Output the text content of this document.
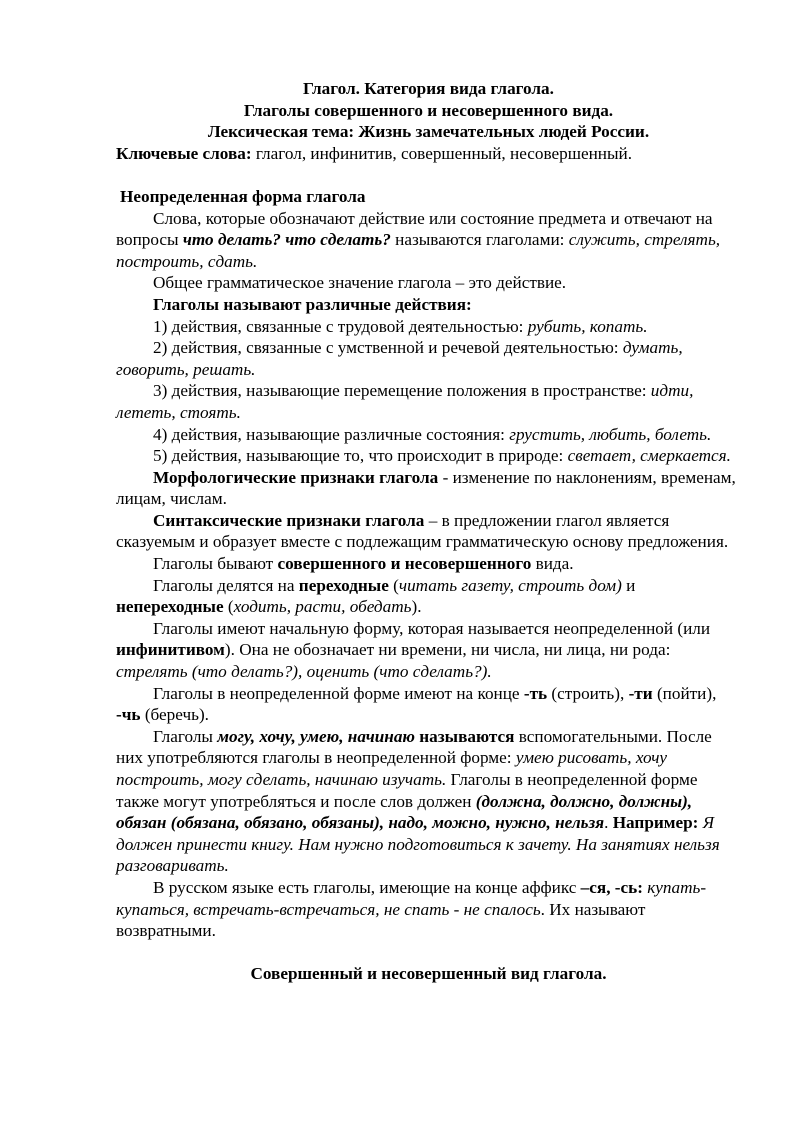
Глагол. Категория вида глагола.

Глаголы совершенного и несовершенного вида.

Лексическая тема: Жизнь замечательных людей России.

Ключевые слова: глагол, инфинитив, совершенный, несовершенный.

Неопределенная форма глагола

Слова, которые обозначают действие или состояние предмета и отвечают на вопросы что делать? что сделать? называются глаголами: служить, стрелять, построить, сдать.

Общее грамматическое значение глагола – это действие.

Глаголы называют различные действия:

1) действия, связанные с трудовой деятельностью: рубить, копать.

2) действия, связанные с умственной и речевой деятельностью: думать, говорить, решать.

3) действия, называющие перемещение положения в пространстве: идти, лететь, стоять.

4) действия, называющие различные состояния: грустить, любить, болеть.

5) действия, называющие то, что происходит в природе: светает, смеркается.

Морфологические признаки глагола - изменение по наклонениям, временам, лицам, числам.

Синтаксические признаки глагола – в предложении глагол является сказуемым и образует вместе с подлежащим грамматическую основу предложения.

Глаголы бывают совершенного и несовершенного вида.

Глаголы делятся на переходные (читать газету, строить дом) и непереходные (ходить, расти, обедать).

Глаголы имеют начальную форму, которая называется неопределенной (или инфинитивом). Она не обозначает ни времени, ни числа, ни лица, ни рода: стрелять (что делать?), оценить (что сделать?).

Глаголы в неопределенной форме имеют на конце -ть (строить), -ти (пойти), -чь (беречь).

Глаголы могу, хочу, умею, начинаю называются вспомогательными. После них употребляются глаголы в неопределенной форме: умею рисовать, хочу построить, могу сделать, начинаю изучать. Глаголы в неопределенной форме также могут употребляться и после слов должен (должна, должно, должны), обязан (обязана, обязано, обязаны), надо, можно, нужно, нельзя. Например: Я должен принести книгу. Нам нужно подготовиться к зачету. На занятиях нельзя разговаривать.

В русском языке есть глаголы, имеющие на конце аффикс –ся, -сь: купать-купаться, встречать-встречаться, не спать - не спалось. Их называют возвратными.

Совершенный и несовершенный вид глагола.
